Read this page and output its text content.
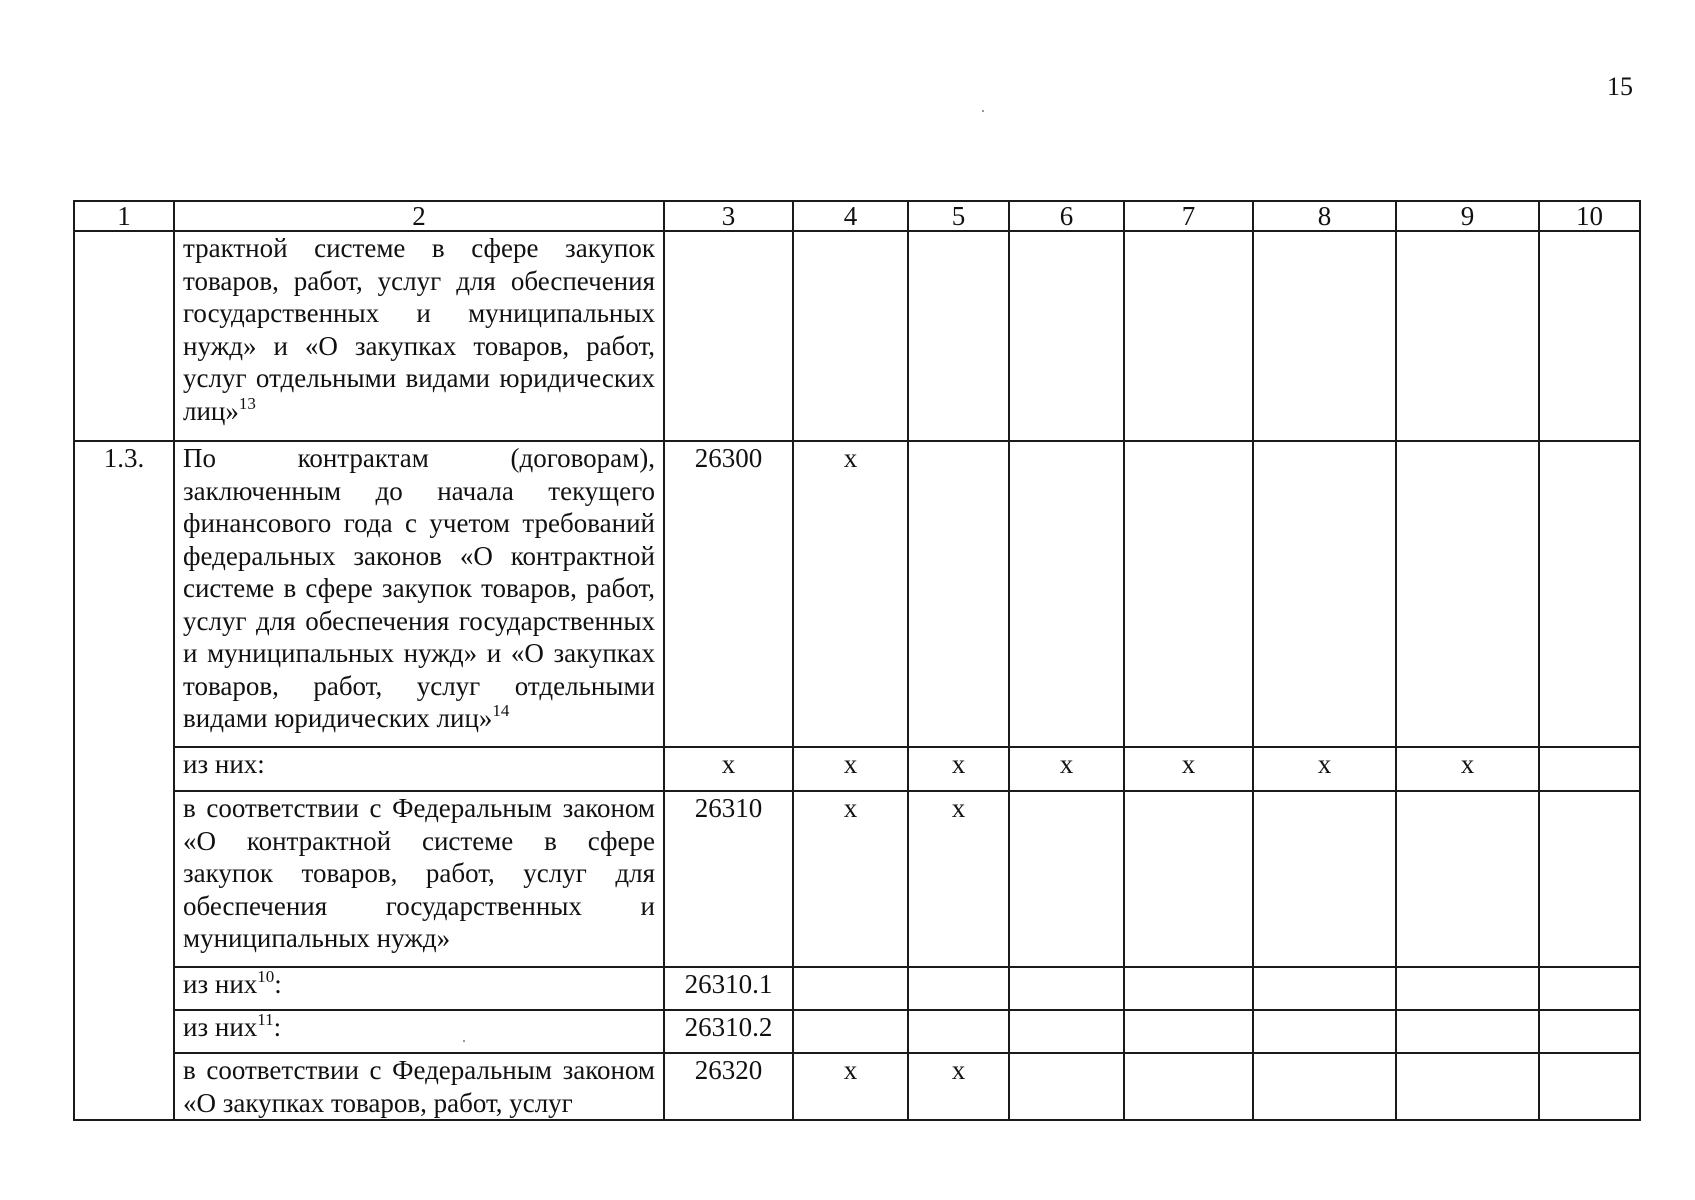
15
1	2	3	4	5	6	7	8	9	10
	трактной системе в сфере закупок товаров, работ, услуг для обеспечения государственных и муниципальных нужд» и «О закупках товаров, работ, услуг отдельными видами юридических лиц»$^{13}$								
1.3.	По контрактам (договорам), заключенным до начала текущего финансового года с учетом требований федеральных законов «О контрактной системе в сфере закупок товаров, работ, услуг для обеспечения государственных и муниципальных нужд» и «О закупках товаров, работ, услуг отдельными видами юридических лиц»$^{14}$	26300	x						
	из них:	x	x	x	x	x	x	x	
	в соответствии с Федеральным законом «О контрактной системе в сфере закупок товаров, работ, услуг для обеспечения государственных и муниципальных нужд»	26310	x	x					
	из них$^{10}$:	26310.1							
	из них$^{11}$:	26310.2							
	в соответствии с Федеральным законом «О закупках товаров, работ, услуг	26320	x	x					
